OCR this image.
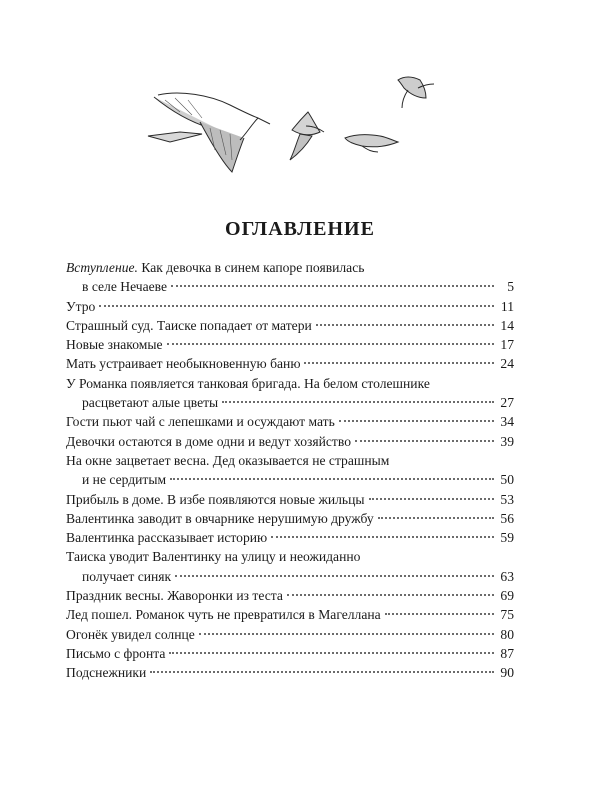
ОГЛАВЛЕНИЕ
Вступление. Как девочка в синем капоре появилась
в селе Нечаеве	5
Утро	11
Страшный суд. Таиске попадает от матери	14
Новые знакомые	17
Мать устраивает необыкновенную баню	24
У Романка появляется танковая бригада. На белом столешнике
расцветают алые цветы	27
Гости пьют чай с лепешками и осуждают мать	34
Девочки остаются в доме одни и ведут хозяйство	39
На окне зацветает весна. Дед оказывается не страшным
и не сердитым	50
Прибыль в доме. В избе появляются новые жильцы	53
Валентинка заводит в овчарнике нерушимую дружбу	56
Валентинка рассказывает историю	59
Таиска уводит Валентинку на улицу и неожиданно
получает синяк	63
Праздник весны. Жаворонки из теста	69
Лед пошел. Романок чуть не превратился в Магеллана	75
Огонёк увидел солнце	80
Письмо с фронта	87
Подснежники	90
